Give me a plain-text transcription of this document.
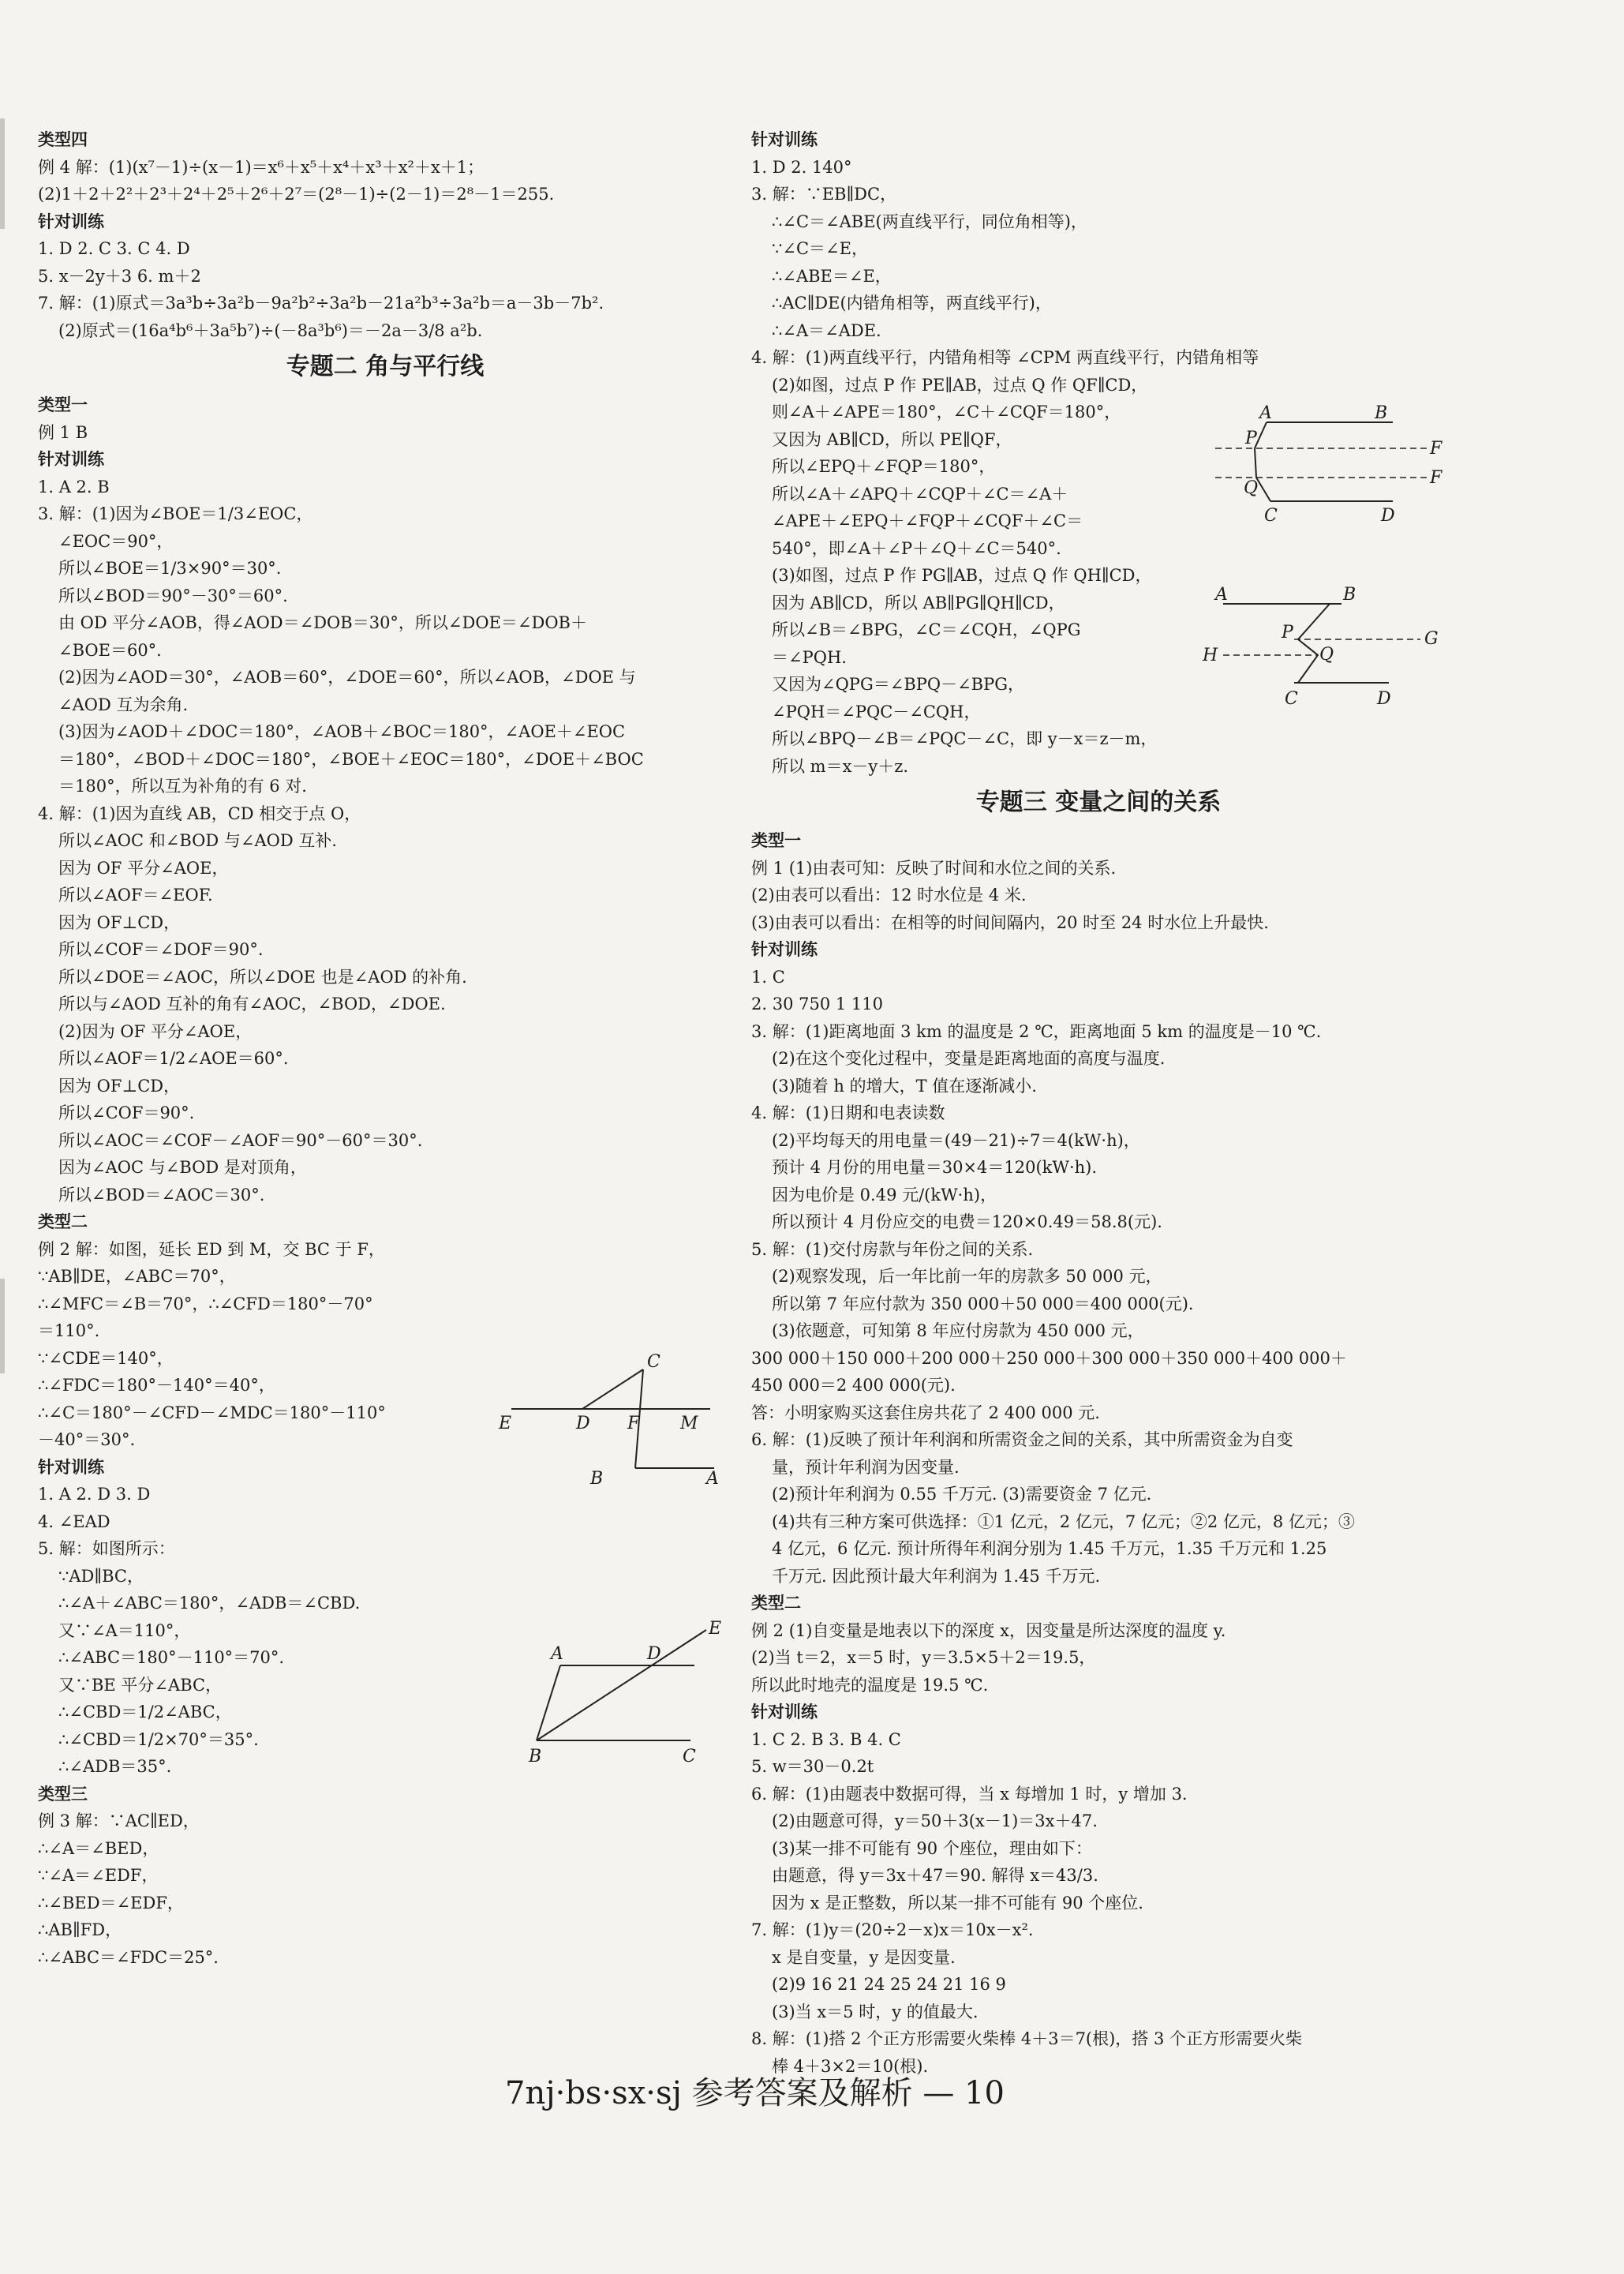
类型四

例 4 解：(1)(x⁷－1)÷(x－1)＝x⁶＋x⁵＋x⁴＋x³＋x²＋x＋1；

(2)1＋2＋2²＋2³＋2⁴＋2⁵＋2⁶＋2⁷＝(2⁸－1)÷(2－1)＝2⁸－1＝255.

针对训练

1. D 2. C 3. C 4. D

5. x－2y＋3 6. m＋2

7. 解：(1)原式＝3a³b÷3a²b－9a²b²÷3a²b－21a²b³÷3a²b＝a－3b－7b².

(2)原式＝(16a⁴b⁶＋3a⁵b⁷)÷(－8a³b⁶)＝－2a－3/8 a²b.

专题二 角与平行线

类型一

例 1 B

针对训练

1. A 2. B

3. 解：(1)因为∠BOE＝1/3∠EOC，

∠EOC＝90°，

所以∠BOE＝1/3×90°＝30°.

所以∠BOD＝90°－30°＝60°.

由 OD 平分∠AOB，得∠AOD＝∠DOB＝30°，所以∠DOE＝∠DOB＋

∠BOE＝60°.

(2)因为∠AOD＝30°，∠AOB＝60°，∠DOE＝60°，所以∠AOB，∠DOE 与

∠AOD 互为余角.

(3)因为∠AOD＋∠DOC＝180°，∠AOB＋∠BOC＝180°，∠AOE＋∠EOC

＝180°，∠BOD＋∠DOC＝180°，∠BOE＋∠EOC＝180°，∠DOE＋∠BOC

＝180°，所以互为补角的有 6 对.

4. 解：(1)因为直线 AB，CD 相交于点 O，

所以∠AOC 和∠BOD 与∠AOD 互补.

因为 OF 平分∠AOE，

所以∠AOF＝∠EOF.

因为 OF⊥CD，

所以∠COF＝∠DOF＝90°.

所以∠DOE＝∠AOC，所以∠DOE 也是∠AOD 的补角.

所以与∠AOD 互补的角有∠AOC，∠BOD，∠DOE.

(2)因为 OF 平分∠AOE，

所以∠AOF＝1/2∠AOE＝60°.

因为 OF⊥CD，

所以∠COF＝90°.

所以∠AOC＝∠COF－∠AOF＝90°－60°＝30°.

因为∠AOC 与∠BOD 是对顶角，

所以∠BOD＝∠AOC＝30°.

类型二

例 2 解：如图，延长 ED 到 M，交 BC 于 F，

∵AB∥DE，∠ABC＝70°，

∴∠MFC＝∠B＝70°，∴∠CFD＝180°－70°

＝110°.

∵∠CDE＝140°，

∴∠FDC＝180°－140°＝40°，

∴∠C＝180°－∠CFD－∠MDC＝180°－110°

－40°＝30°.

针对训练

1. A 2. D 3. D

4. ∠EAD

5. 解：如图所示：

∵AD∥BC，

∴∠A＋∠ABC＝180°，∠ADB＝∠CBD.

又∵∠A＝110°，

∴∠ABC＝180°－110°＝70°.

又∵BE 平分∠ABC，

∴∠CBD＝1/2∠ABC，

∴∠CBD＝1/2×70°＝35°.

∴∠ADB＝35°.

类型三

例 3 解：∵AC∥ED，

∴∠A＝∠BED，

∵∠A＝∠EDF，

∴∠BED＝∠EDF，

∴AB∥FD，

∴∠ABC＝∠FDC＝25°.

针对训练

1. D 2. 140°

3. 解：∵EB∥DC，

∴∠C＝∠ABE(两直线平行，同位角相等)，

∵∠C＝∠E，

∴∠ABE＝∠E，

∴AC∥DE(内错角相等，两直线平行)，

∴∠A＝∠ADE.

4. 解：(1)两直线平行，内错角相等 ∠CPM 两直线平行，内错角相等

(2)如图，过点 P 作 PE∥AB，过点 Q 作 QF∥CD，

则∠A＋∠APE＝180°，∠C＋∠CQF＝180°，

又因为 AB∥CD，所以 PE∥QF，

所以∠EPQ＋∠FQP＝180°，

所以∠A＋∠APQ＋∠CQP＋∠C＝∠A＋

∠APE＋∠EPQ＋∠FQP＋∠CQF＋∠C＝

540°，即∠A＋∠P＋∠Q＋∠C＝540°.

(3)如图，过点 P 作 PG∥AB，过点 Q 作 QH∥CD，

因为 AB∥CD，所以 AB∥PG∥QH∥CD，

所以∠B＝∠BPG，∠C＝∠CQH，∠QPG

＝∠PQH.

又因为∠QPG＝∠BPQ－∠BPG，

∠PQH＝∠PQC－∠CQH，

所以∠BPQ－∠B＝∠PQC－∠C，即 y－x＝z－m，

所以 m＝x－y＋z.

专题三 变量之间的关系

类型一

例 1 (1)由表可知：反映了时间和水位之间的关系.

(2)由表可以看出：12 时水位是 4 米.

(3)由表可以看出：在相等的时间间隔内，20 时至 24 时水位上升最快.

针对训练

1. C

2. 30 750 1 110

3. 解：(1)距离地面 3 km 的温度是 2 ℃，距离地面 5 km 的温度是－10 ℃.

(2)在这个变化过程中，变量是距离地面的高度与温度.

(3)随着 h 的增大，T 值在逐渐减小.

4. 解：(1)日期和电表读数

(2)平均每天的用电量＝(49－21)÷7＝4(kW·h)，

预计 4 月份的用电量＝30×4＝120(kW·h).

因为电价是 0.49 元/(kW·h)，

所以预计 4 月份应交的电费＝120×0.49＝58.8(元).

5. 解：(1)交付房款与年份之间的关系.

(2)观察发现，后一年比前一年的房款多 50 000 元，

所以第 7 年应付款为 350 000＋50 000＝400 000(元).

(3)依题意，可知第 8 年应付房款为 450 000 元，

300 000＋150 000＋200 000＋250 000＋300 000＋350 000＋400 000＋

450 000＝2 400 000(元).

答：小明家购买这套住房共花了 2 400 000 元.

6. 解：(1)反映了预计年利润和所需资金之间的关系，其中所需资金为自变

量，预计年利润为因变量.

(2)预计年利润为 0.55 千万元. (3)需要资金 7 亿元.

(4)共有三种方案可供选择：①1 亿元，2 亿元，7 亿元；②2 亿元，8 亿元；③

4 亿元，6 亿元. 预计所得年利润分别为 1.45 千万元，1.35 千万元和 1.25

千万元. 因此预计最大年利润为 1.45 千万元.

类型二

例 2 (1)自变量是地表以下的深度 x，因变量是所达深度的温度 y.

(2)当 t＝2，x＝5 时，y＝3.5×5＋2＝19.5，

所以此时地壳的温度是 19.5 ℃.

针对训练

1. C 2. B 3. B 4. C

5. w＝30－0.2t

6. 解：(1)由题表中数据可得，当 x 每增加 1 时，y 增加 3.

(2)由题意可得，y＝50＋3(x－1)＝3x＋47.

(3)某一排不可能有 90 个座位，理由如下：

由题意，得 y＝3x＋47＝90. 解得 x＝43/3.

因为 x 是正整数，所以某一排不可能有 90 个座位.

7. 解：(1)y＝(20÷2－x)x＝10x－x².

x 是自变量，y 是因变量.

(2)9 16 21 24 25 24 21 16 9

(3)当 x＝5 时，y 的值最大.

8. 解：(1)搭 2 个正方形需要火柴棒 4＋3＝7(根)，搭 3 个正方形需要火柴

棒 4＋3×2＝10(根).

C
E	D F M
B	A
A	D
E
B	C
A	B
P
F
Q
F
C	D
A	B
P	G
H	Q
C	D
7nj·bs·sx·sj 参考答案及解析 — 10
